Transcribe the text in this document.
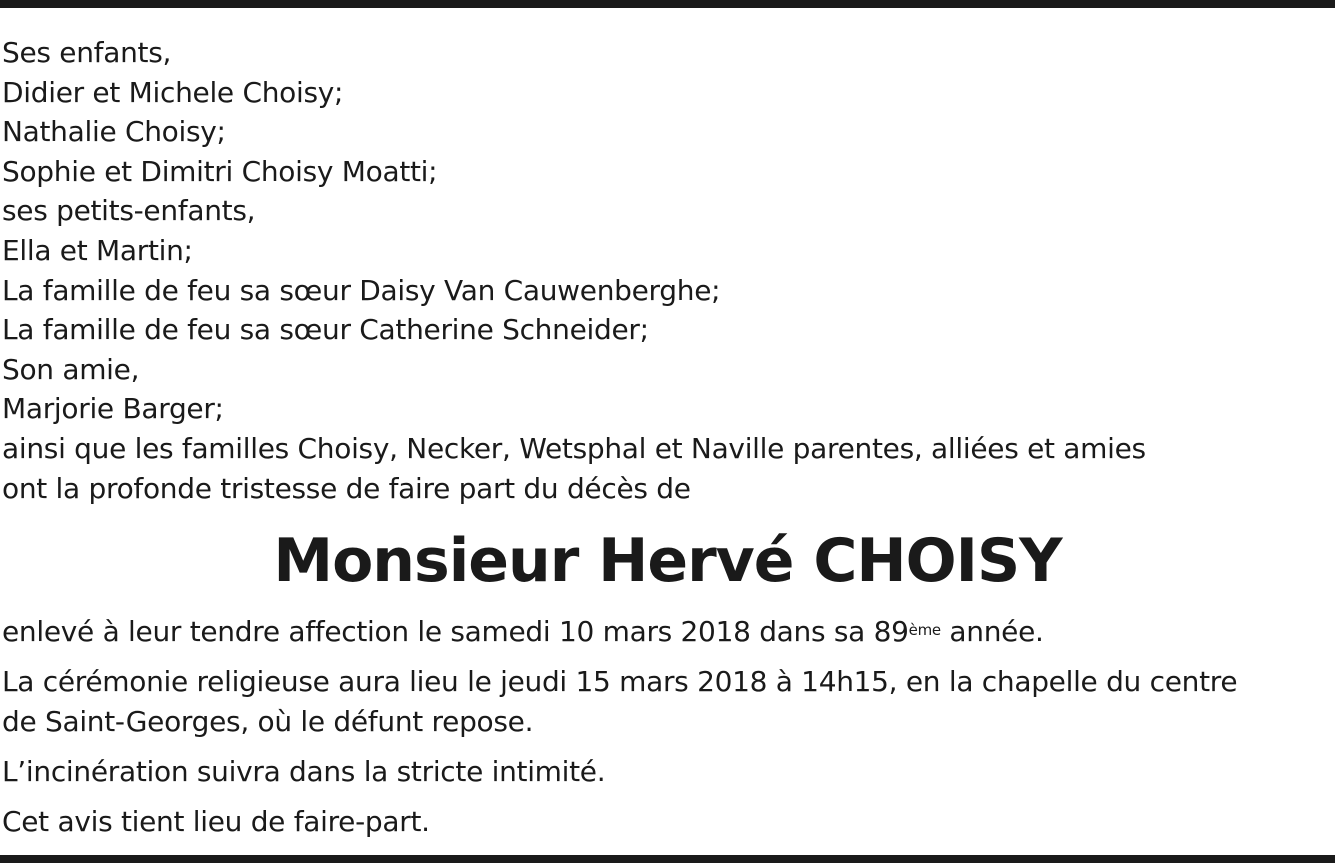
Ses enfants,
Didier et Michele Choisy;
Nathalie Choisy;
Sophie et Dimitri Choisy Moatti;
ses petits-enfants,
Ella et Martin;
La famille de feu sa sœur Daisy Van Cauwenberghe;
La famille de feu sa sœur Catherine Schneider;
Son amie,
Marjorie Barger;
ainsi que les familles Choisy, Necker, Wetsphal et Naville parentes, alliées et amies
ont la profonde tristesse de faire part du décès de
Monsieur Hervé CHOISY

enlevé à leur tendre affection le samedi 10 mars 2018 dans sa 89ème année.

La cérémonie religieuse aura lieu le jeudi 15 mars 2018 à 14h15, en la chapelle du centre
de Saint-Georges, où le défunt repose.

L’incinération suivra dans la stricte intimité.

Cet avis tient lieu de faire-part.
